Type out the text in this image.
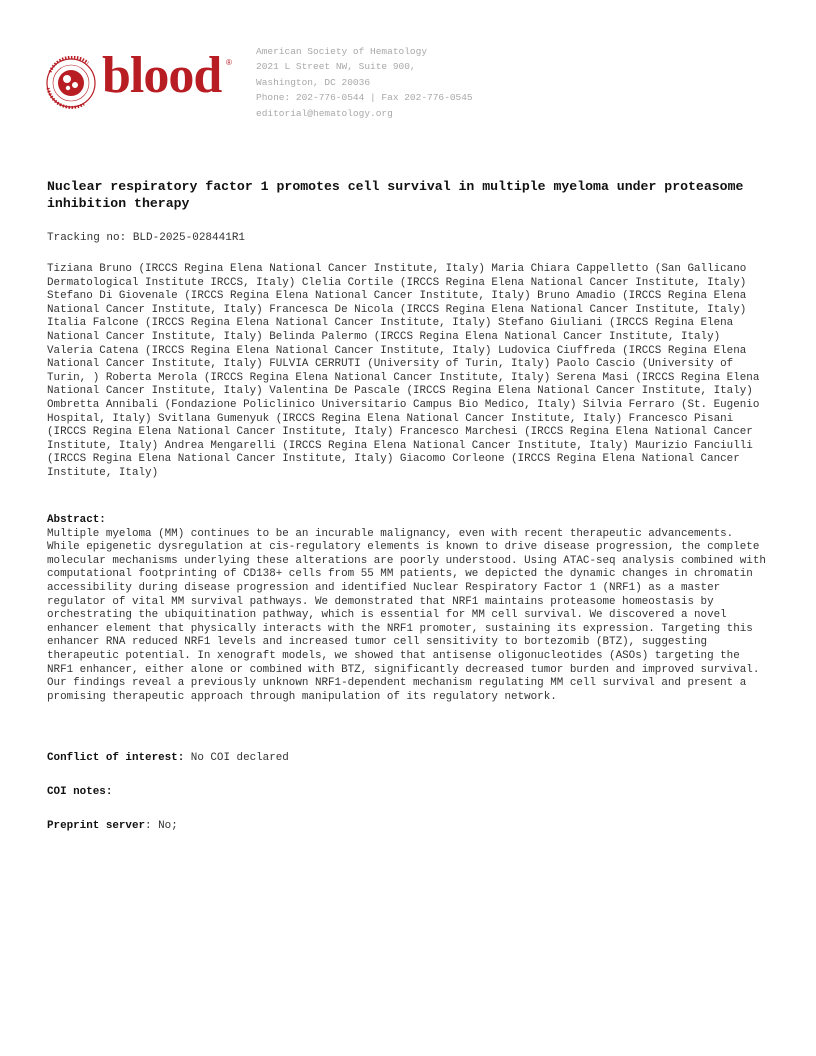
blood ®
American Society of Hematology
2021 L Street NW, Suite 900,
Washington, DC 20036
Phone: 202-776-0544 | Fax 202-776-0545
editorial@hematology.org
Nuclear respiratory factor 1 promotes cell survival in multiple myeloma under proteasome inhibition therapy
Tracking no: BLD-2025-028441R1
Tiziana Bruno (IRCCS Regina Elena National Cancer Institute, Italy) Maria Chiara Cappelletto (San Gallicano Dermatological Institute IRCCS, Italy) Clelia Cortile (IRCCS Regina Elena National Cancer Institute, Italy) Stefano Di Giovenale (IRCCS Regina Elena National Cancer Institute, Italy) Bruno Amadio (IRCCS Regina Elena National Cancer Institute, Italy) Francesca De Nicola (IRCCS Regina Elena National Cancer Institute, Italy) Italia Falcone (IRCCS Regina Elena National Cancer Institute, Italy) Stefano Giuliani (IRCCS Regina Elena National Cancer Institute, Italy) Belinda Palermo (IRCCS Regina Elena National Cancer Institute, Italy) Valeria Catena (IRCCS Regina Elena National Cancer Institute, Italy) Ludovica Ciuffreda (IRCCS Regina Elena National Cancer Institute, Italy) FULVIA CERRUTI (University of Turin, Italy) Paolo Cascio (University of Turin, ) Roberta Merola (IRCCS Regina Elena National Cancer Institute, Italy) Serena Masi (IRCCS Regina Elena National Cancer Institute, Italy) Valentina De Pascale (IRCCS Regina Elena National Cancer Institute, Italy) Ombretta Annibali (Fondazione Policlinico Universitario Campus Bio Medico, Italy) Silvia Ferraro (St. Eugenio Hospital, Italy) Svitlana Gumenyuk (IRCCS Regina Elena National Cancer Institute, Italy) Francesco Pisani (IRCCS Regina Elena National Cancer Institute, Italy) Francesco Marchesi (IRCCS Regina Elena National Cancer Institute, Italy) Andrea Mengarelli (IRCCS Regina Elena National Cancer Institute, Italy) Maurizio Fanciulli (IRCCS Regina Elena National Cancer Institute, Italy) Giacomo Corleone (IRCCS Regina Elena National Cancer Institute, Italy)
Abstract:
Multiple myeloma (MM) continues to be an incurable malignancy, even with recent therapeutic advancements. While epigenetic dysregulation at cis-regulatory elements is known to drive disease progression, the complete molecular mechanisms underlying these alterations are poorly understood. Using ATAC-seq analysis combined with computational footprinting of CD138+ cells from 55 MM patients, we depicted the dynamic changes in chromatin accessibility during disease progression and identified Nuclear Respiratory Factor 1 (NRF1) as a master regulator of vital MM survival pathways. We demonstrated that NRF1 maintains proteasome homeostasis by orchestrating the ubiquitination pathway, which is essential for MM cell survival. We discovered a novel enhancer element that physically interacts with the NRF1 promoter, sustaining its expression. Targeting this enhancer RNA reduced NRF1 levels and increased tumor cell sensitivity to bortezomib (BTZ), suggesting therapeutic potential. In xenograft models, we showed that antisense oligonucleotides (ASOs) targeting the NRF1 enhancer, either alone or combined with BTZ, significantly decreased tumor burden and improved survival. Our findings reveal a previously unknown NRF1-dependent mechanism regulating MM cell survival and present a promising therapeutic approach through manipulation of its regulatory network.
Conflict of interest: No COI declared
COI notes:
Preprint server: No;
